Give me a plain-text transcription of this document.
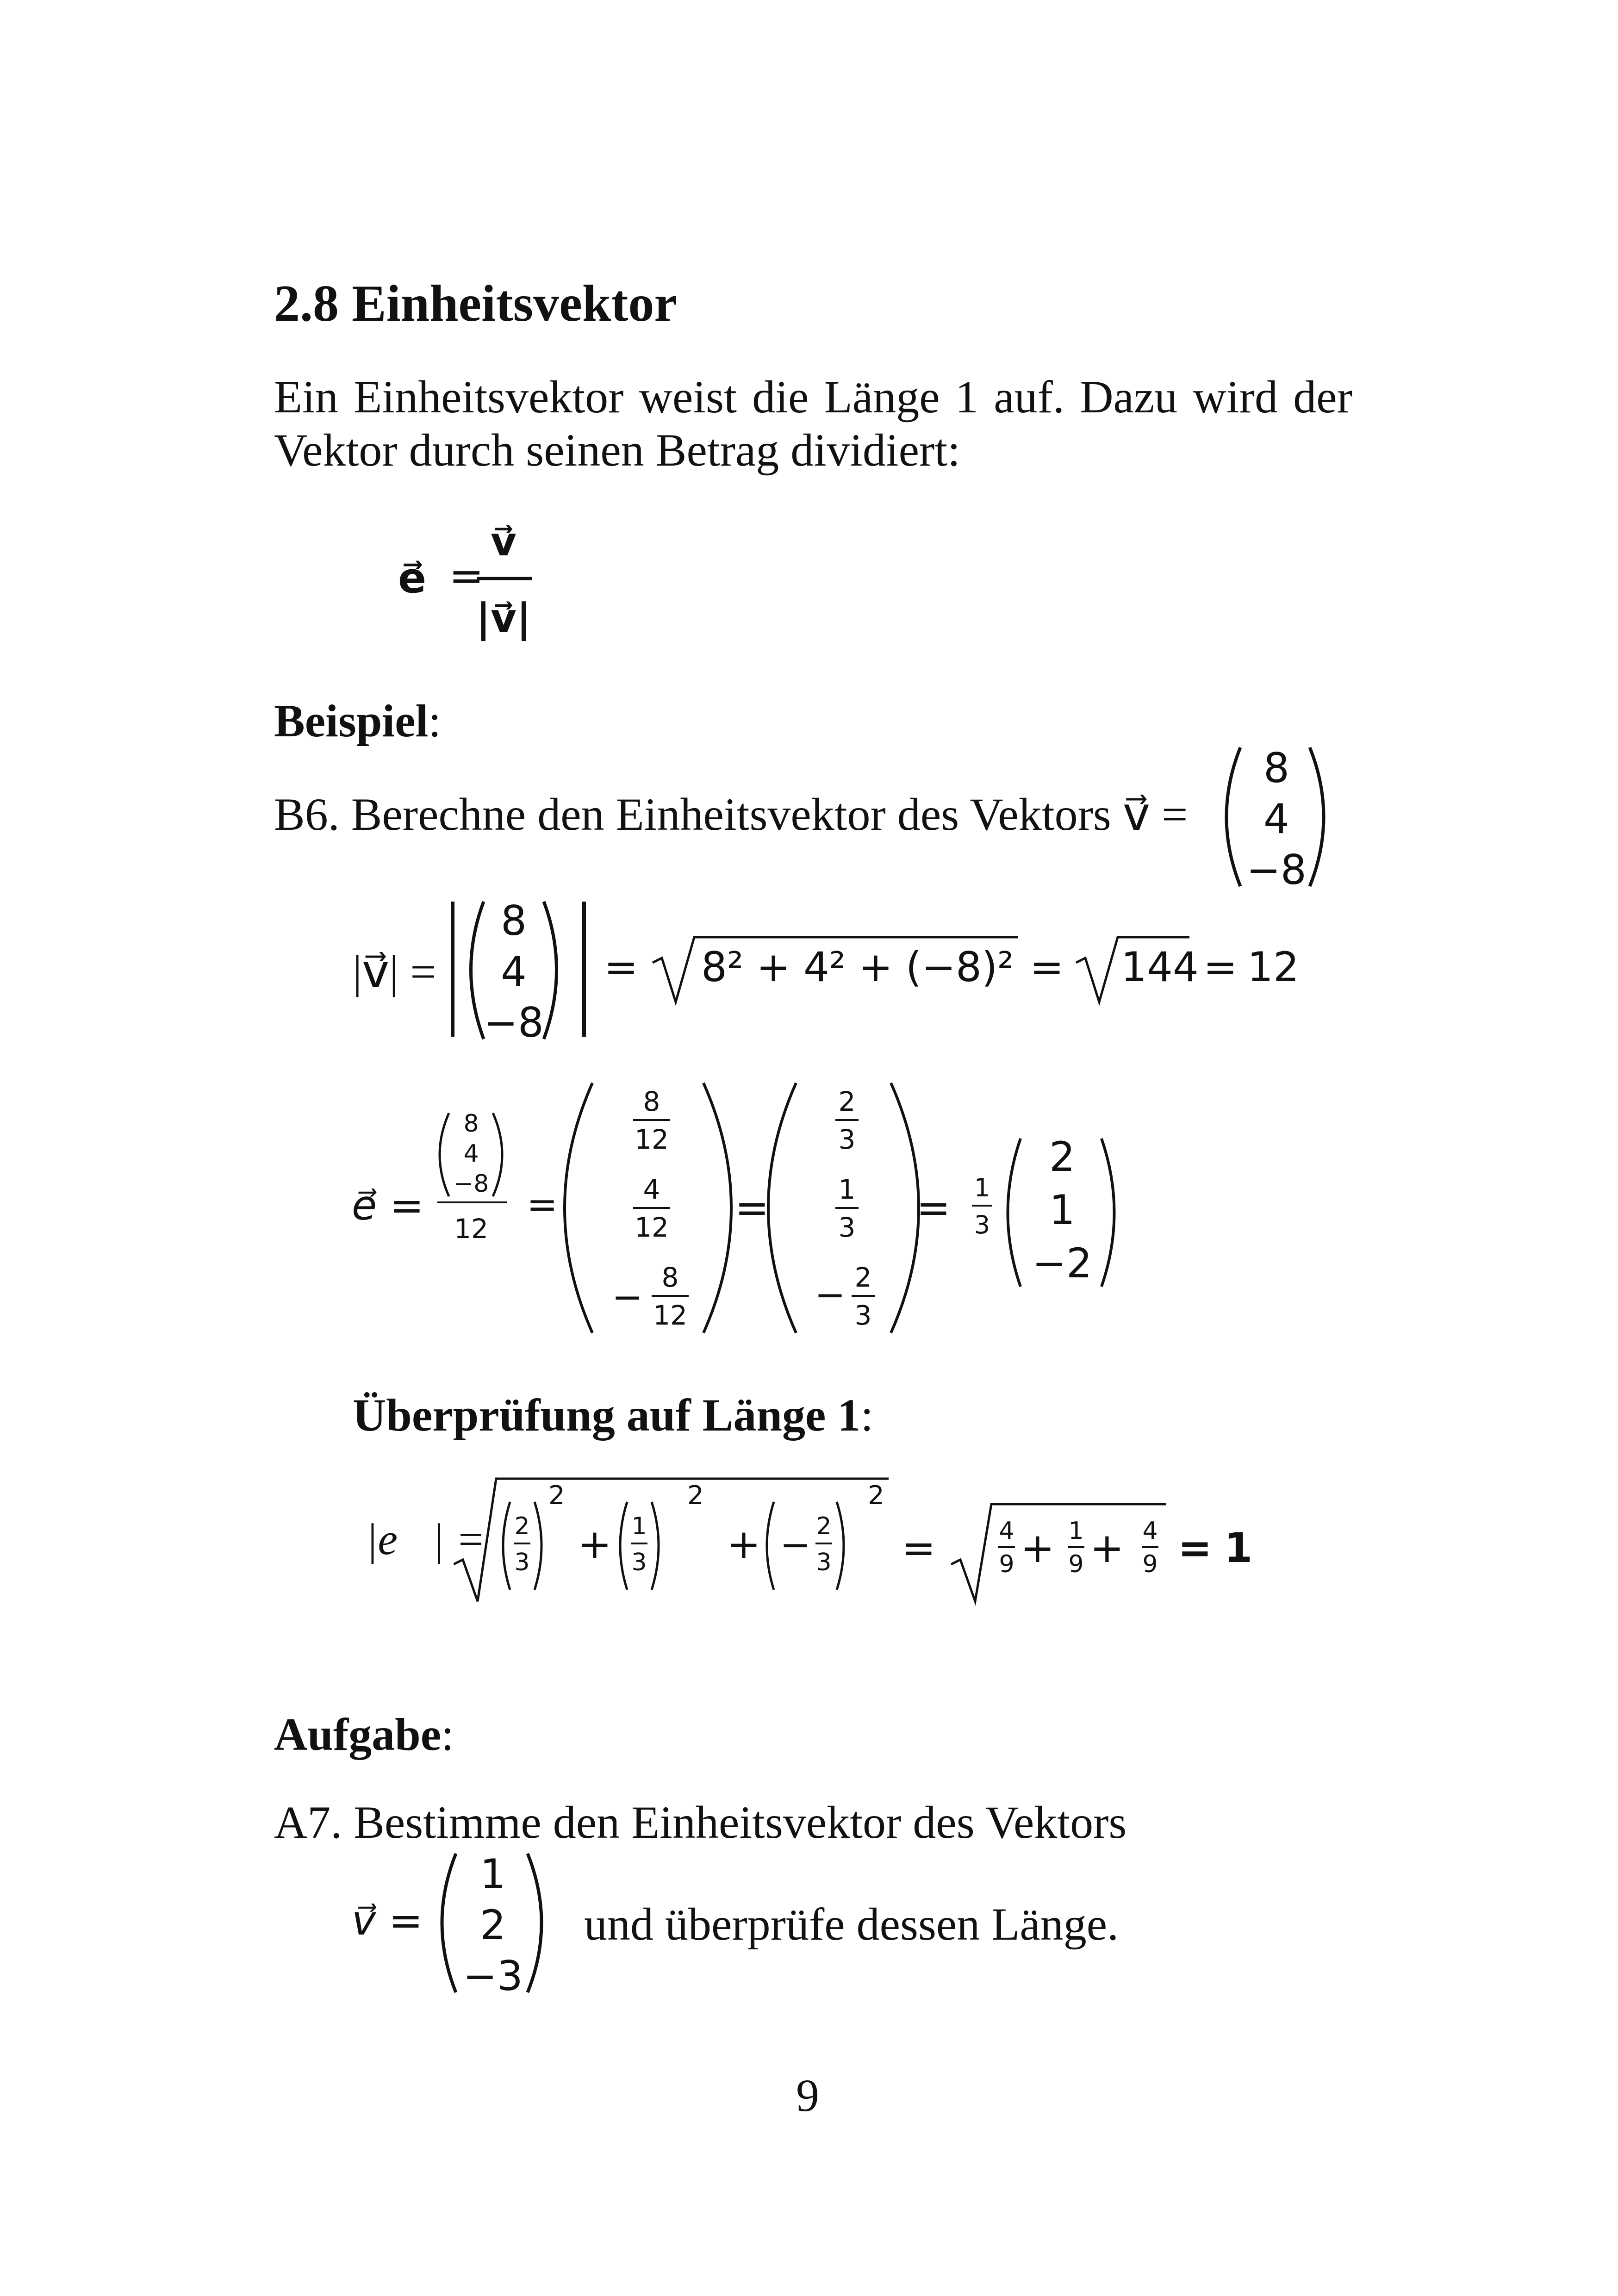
2.8 Einheitsvektor
Ein Einheitsvektor weist die Länge 1 auf. Dazu wird der
Vektor durch seinen Betrag dividiert:
e⃗ =
v⃗
|v⃗|
Beispiel:
B6. Berechne den Einheitsvektor des Vektors v⃗ =
8
4
−8
|v⃗| =
8
4
−8
= 8² + 4² + (−8)² = 144 = 12
e⃗ =
8
4
−8
12
=
8
12
4
12
− 8
12
=
2
3
1
3
− 2
3
= 1
3
2
1
−2
Überprüfung auf Länge 1:
|e⃗| = 2
3
2
+ 1
3
2
+ − 2
3
2
=	4
9 + 1
9 + 4
9 = 1
Aufgabe:
A7. Bestimme den Einheitsvektor des Vektors
v⃗ =
1
2
−3
und überprüfe dessen Länge.
9
